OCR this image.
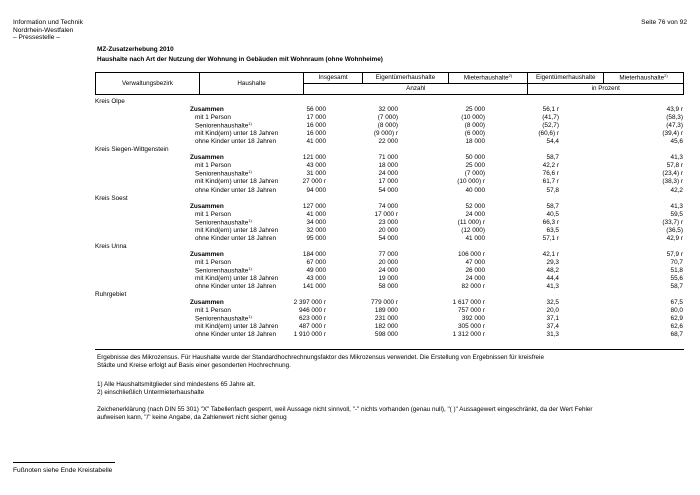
Information und Technik
Nordrhein-Westfalen
– Pressestelle –
Seite 76 von 92
MZ-Zusatzerhebung 2010
Haushalte nach Art der Nutzung der Wohnung in Gebäuden mit Wohnraum (ohne Wohnheime)
Verwaltungsbezirk	Haushalte	Insgesamt	Eigentümerhaushalte	Mieterhaushalte$^{2)}$	Eigentümerhaushalte	Mieterhaushalte$^{2)}$
		Anzahl			in Prozent	
Kreis Olpe
Zusammen	56 000	32 000	25 000	56,1 r	43,9 r
mit 1 Person	17 000	(7 000)	(10 000)	(41,7)	(58,3)
Seniorenhaushalte$^{1)}$	16 000	(8 000)	(8 000)	(52,7)	(47,3)
mit Kind(ern) unter 18 Jahren	16 000	(9 000) r	(6 000)	(60,6) r	(39,4) r
ohne Kinder unter 18 Jahren	41 000	22 000	18 000	54,4	45,6
Kreis Siegen-Wittgenstein
Zusammen	121 000	71 000	50 000	58,7	41,3
mit 1 Person	43 000	18 000	25 000	42,2 r	57,8 r
Seniorenhaushalte$^{1)}$	31 000	24 000	(7 000)	76,6 r	(23,4) r
mit Kind(ern) unter 18 Jahren	27 000 r	17 000	(10 000) r	61,7 r	(38,3) r
ohne Kinder unter 18 Jahren	94 000	54 000	40 000	57,8	42,2
Kreis Soest
Zusammen	127 000	74 000	52 000	58,7	41,3
mit 1 Person	41 000	17 000 r	24 000	40,5	59,5
Seniorenhaushalte$^{1)}$	34 000	23 000	(11 000) r	66,3 r	(33,7) r
mit Kind(ern) unter 18 Jahren	32 000	20 000	(12 000)	63,5	(36,5)
ohne Kinder unter 18 Jahren	95 000	54 000	41 000	57,1 r	42,9 r
Kreis Unna
Zusammen	184 000	77 000	106 000 r	42,1 r	57,9 r
mit 1 Person	67 000	20 000	47 000	29,3	70,7
Seniorenhaushalte$^{1)}$	49 000	24 000	26 000	48,2	51,8
mit Kind(ern) unter 18 Jahren	43 000	19 000	24 000	44,4	55,6
ohne Kinder unter 18 Jahren	141 000	58 000	82 000 r	41,3	58,7
Ruhrgebiet
Zusammen	2 397 000 r	779 000 r	1 617 000 r	32,5	67,5
mit 1 Person	946 000 r	189 000	757 000 r	20,0	80,0
Seniorenhaushalte$^{1)}$	623 000 r	231 000	392 000	37,1	62,9
mit Kind(ern) unter 18 Jahren	487 000 r	182 000	305 000 r	37,4	62,6
ohne Kinder unter 18 Jahren	1 910 000 r	598 000	1 312 000 r	31,3	68,7
Ergebnisse des Mikrozensus. Für Haushalte wurde der Standardhochrechnungsfaktor des Mikrozensus verwendet. Die Erstellung von Ergebnissen für kreisfreie
Städte und Kreise erfolgt auf Basis einer gesonderten Hochrechnung.
1) Alle Haushaltsmitglieder sind mindestens 65 Jahre alt.
2) einschließlich Untermieterhaushalte
Zeichenerklärung (nach DIN 55 301) "X" Tabellenfach gesperrt, weil Aussage nicht sinnvoll, "-" nichts vorhanden (genau null), "( )" Aussagewert eingeschränkt, da der Wert Fehler
aufweisen kann, "/" keine Angabe, da Zahlenwert nicht sicher genug
Fußnoten siehe Ende Kreistabelle
